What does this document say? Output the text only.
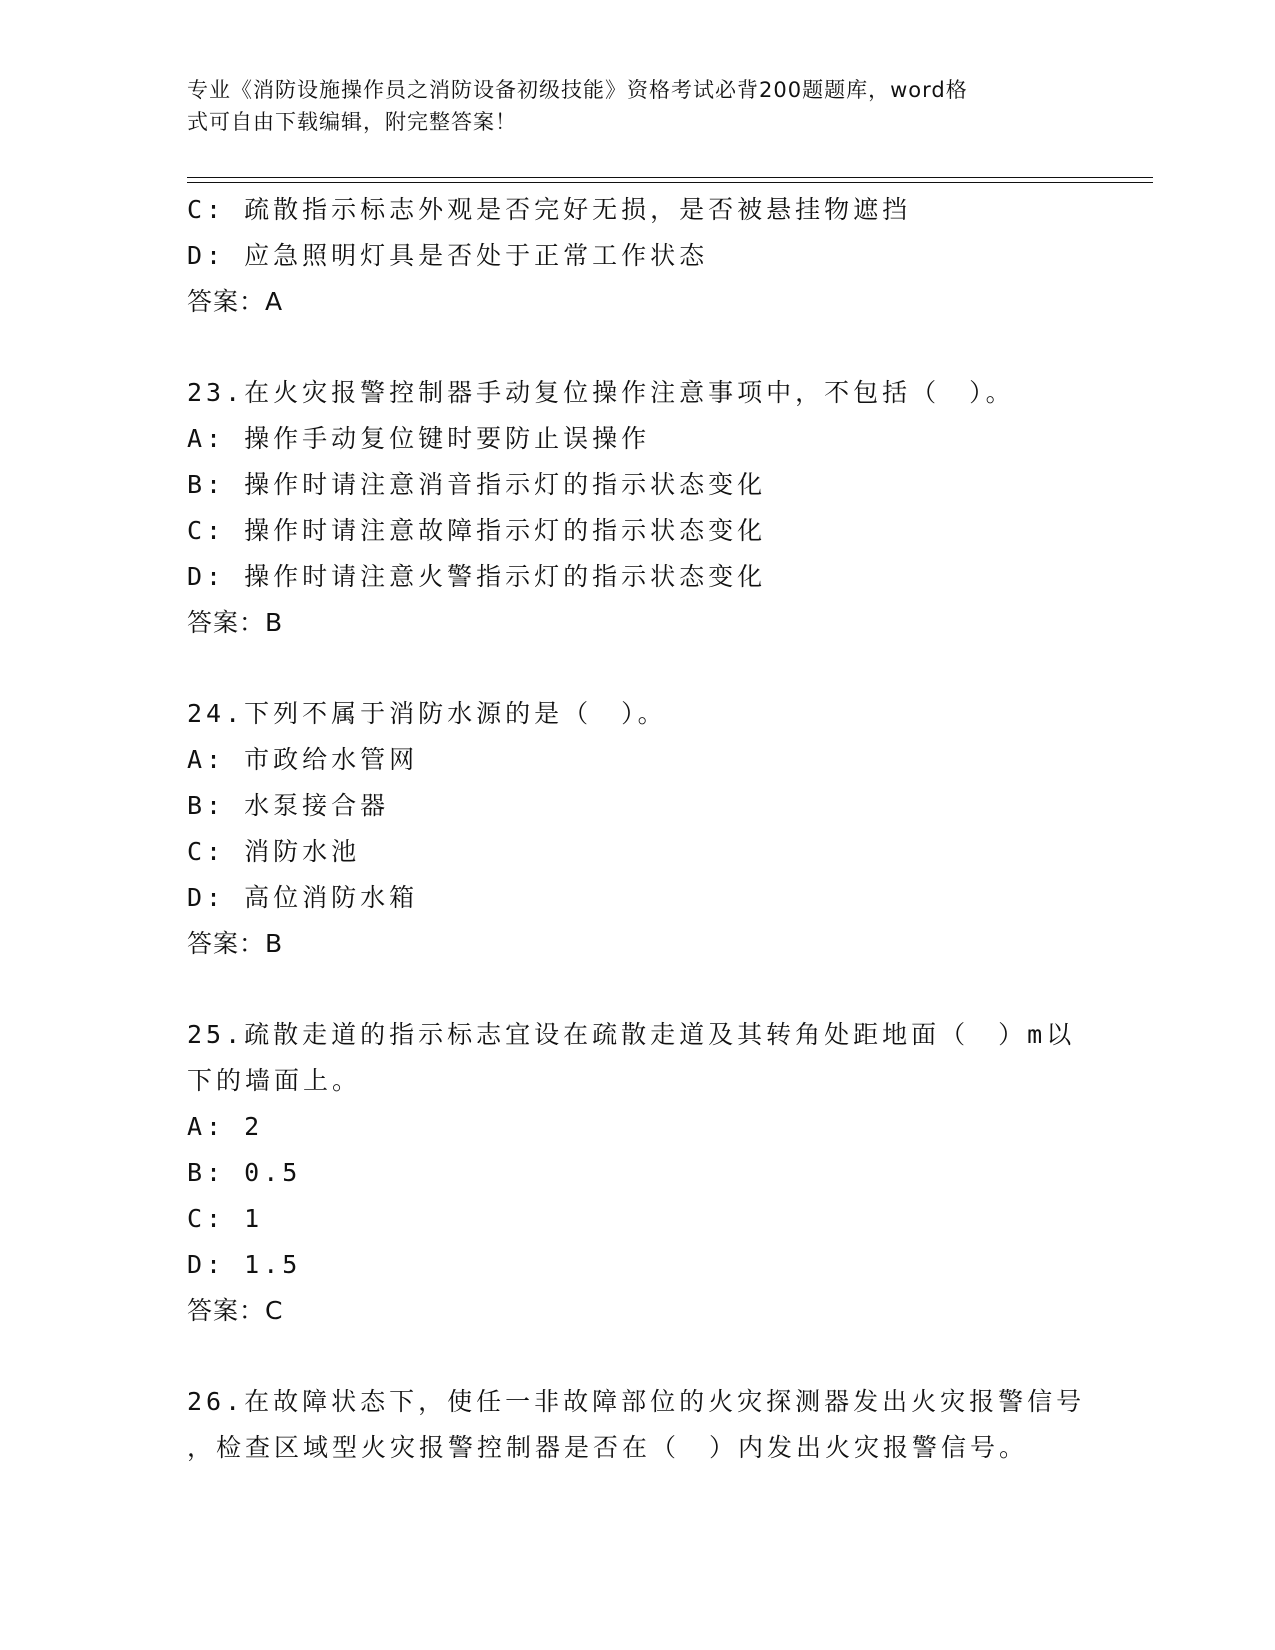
专业《消防设施操作员之消防设备初级技能》资格考试必背200题题库，word格
式可自由下载编辑，附完整答案！
C: 疏散指示标志外观是否完好无损，是否被悬挂物遮挡
D: 应急照明灯具是否处于正常工作状态
答案：A
23.在火灾报警控制器手动复位操作注意事项中，不包括（　）。
A: 操作手动复位键时要防止误操作
B: 操作时请注意消音指示灯的指示状态变化
C: 操作时请注意故障指示灯的指示状态变化
D: 操作时请注意火警指示灯的指示状态变化
答案：B
24.下列不属于消防水源的是（　）。
A: 市政给水管网
B: 水泵接合器
C: 消防水池
D: 高位消防水箱
答案：B
25.疏散走道的指示标志宜设在疏散走道及其转角处距地面（　）m以
下的墙面上。
A: 2
B: 0.5
C: 1
D: 1.5
答案：C
26.在故障状态下，使任一非故障部位的火灾探测器发出火灾报警信号
，检查区域型火灾报警控制器是否在（　）内发出火灾报警信号。
